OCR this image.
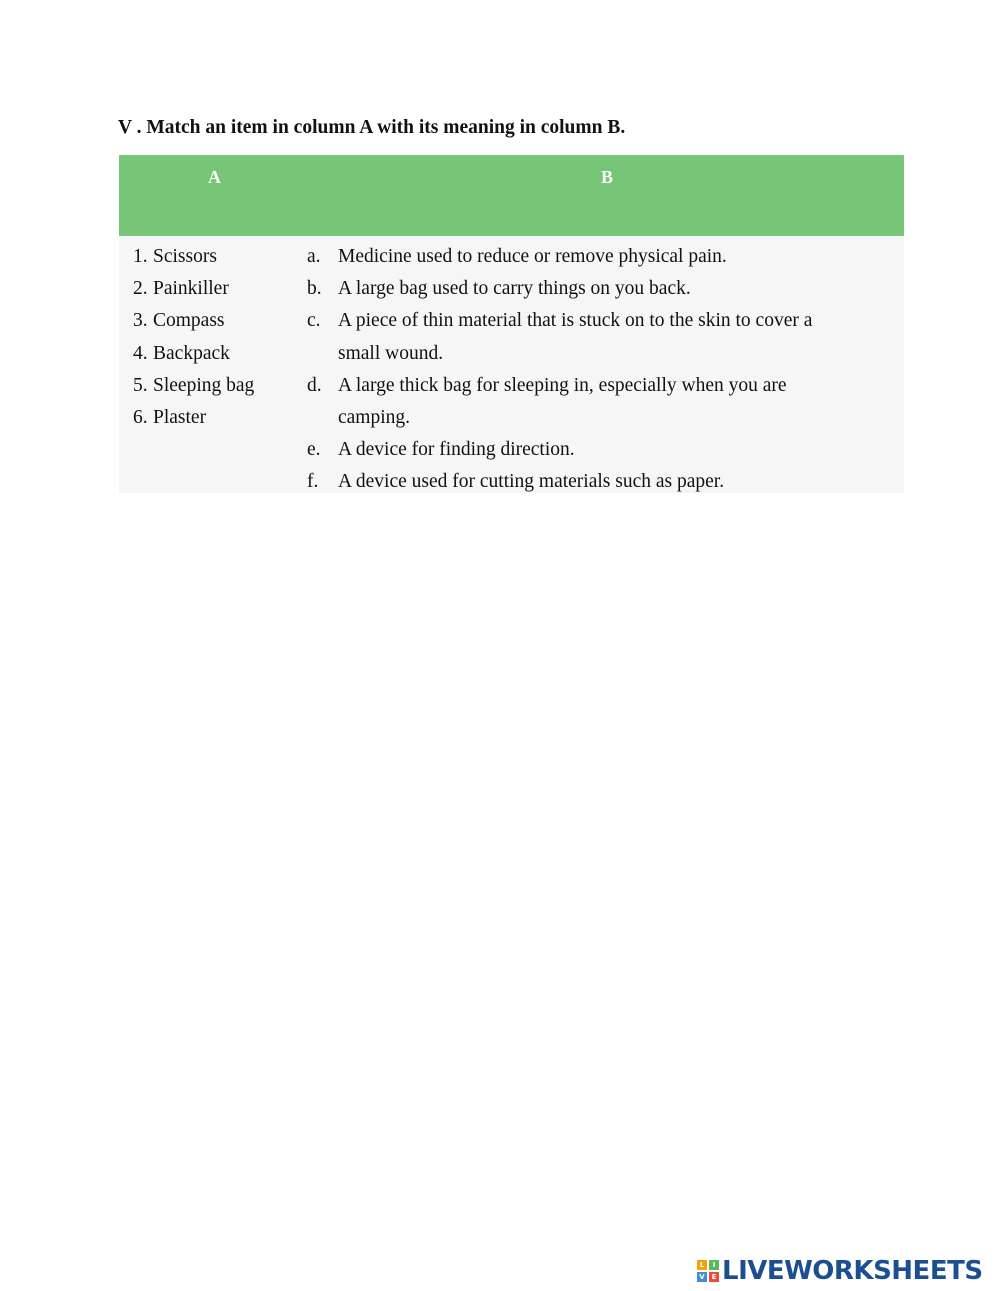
V . Match an item in column A with its meaning in column B.
A	B
1. Scissors
2. Painkiller
3. Compass
4. Backpack
5. Sleeping bag
6. Plaster
a. Medicine used to reduce or remove physical pain.
b. A large bag used to carry things on you back.
c. A piece of thin material that is stuck on to the skin to cover a small wound.
d. A large thick bag for sleeping in, especially when you are camping.
e. A device for finding direction.
f. A device used for cutting materials such as paper.
L	I
V E LIVEWORKSHEETS
